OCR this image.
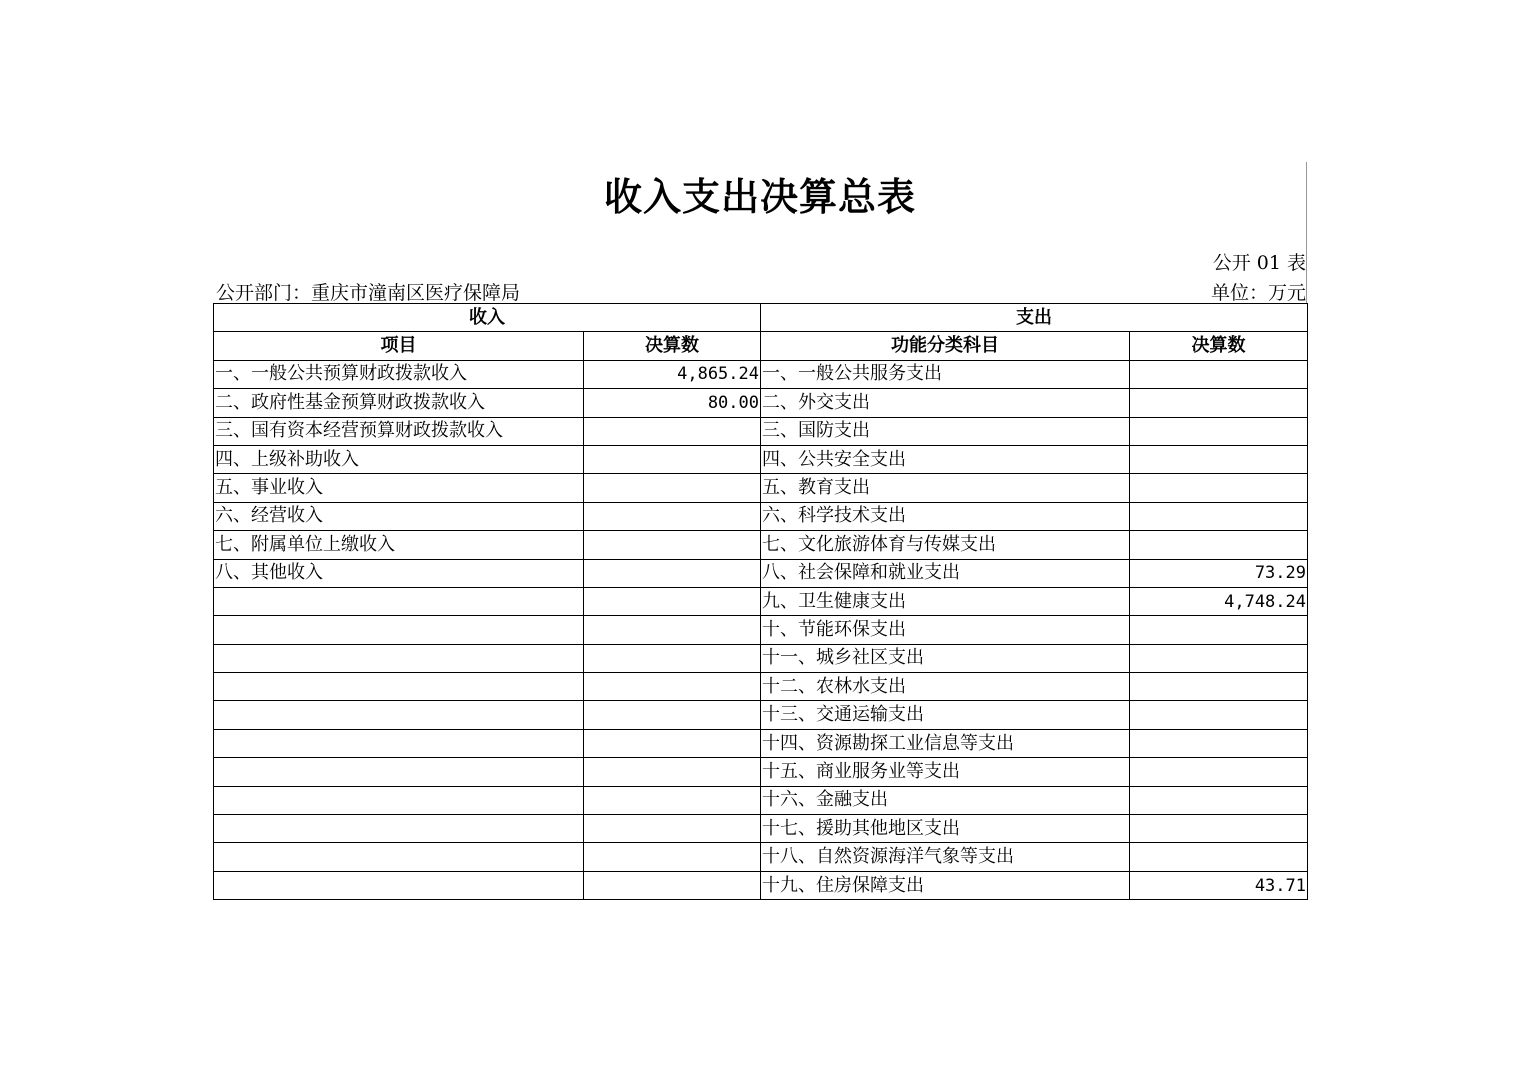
收入支出决算总表
公开 01 表
公开部门：重庆市潼南区医疗保障局	单位：万元
收入		支出	
项目	决算数	功能分类科目	决算数
一、一般公共预算财政拨款收入	4,865.24	一、一般公共服务支出	
二、政府性基金预算财政拨款收入	80.00	二、外交支出	
三、国有资本经营预算财政拨款收入		三、国防支出	
四、上级补助收入		四、公共安全支出	
五、事业收入		五、教育支出	
六、经营收入		六、科学技术支出	
七、附属单位上缴收入		七、文化旅游体育与传媒支出	
八、其他收入		八、社会保障和就业支出	73.29
		九、卫生健康支出	4,748.24
		十、节能环保支出	
		十一、城乡社区支出	
		十二、农林水支出	
		十三、交通运输支出	
		十四、资源勘探工业信息等支出	
		十五、商业服务业等支出	
		十六、金融支出	
		十七、援助其他地区支出	
		十八、自然资源海洋气象等支出	
		十九、住房保障支出	43.71
